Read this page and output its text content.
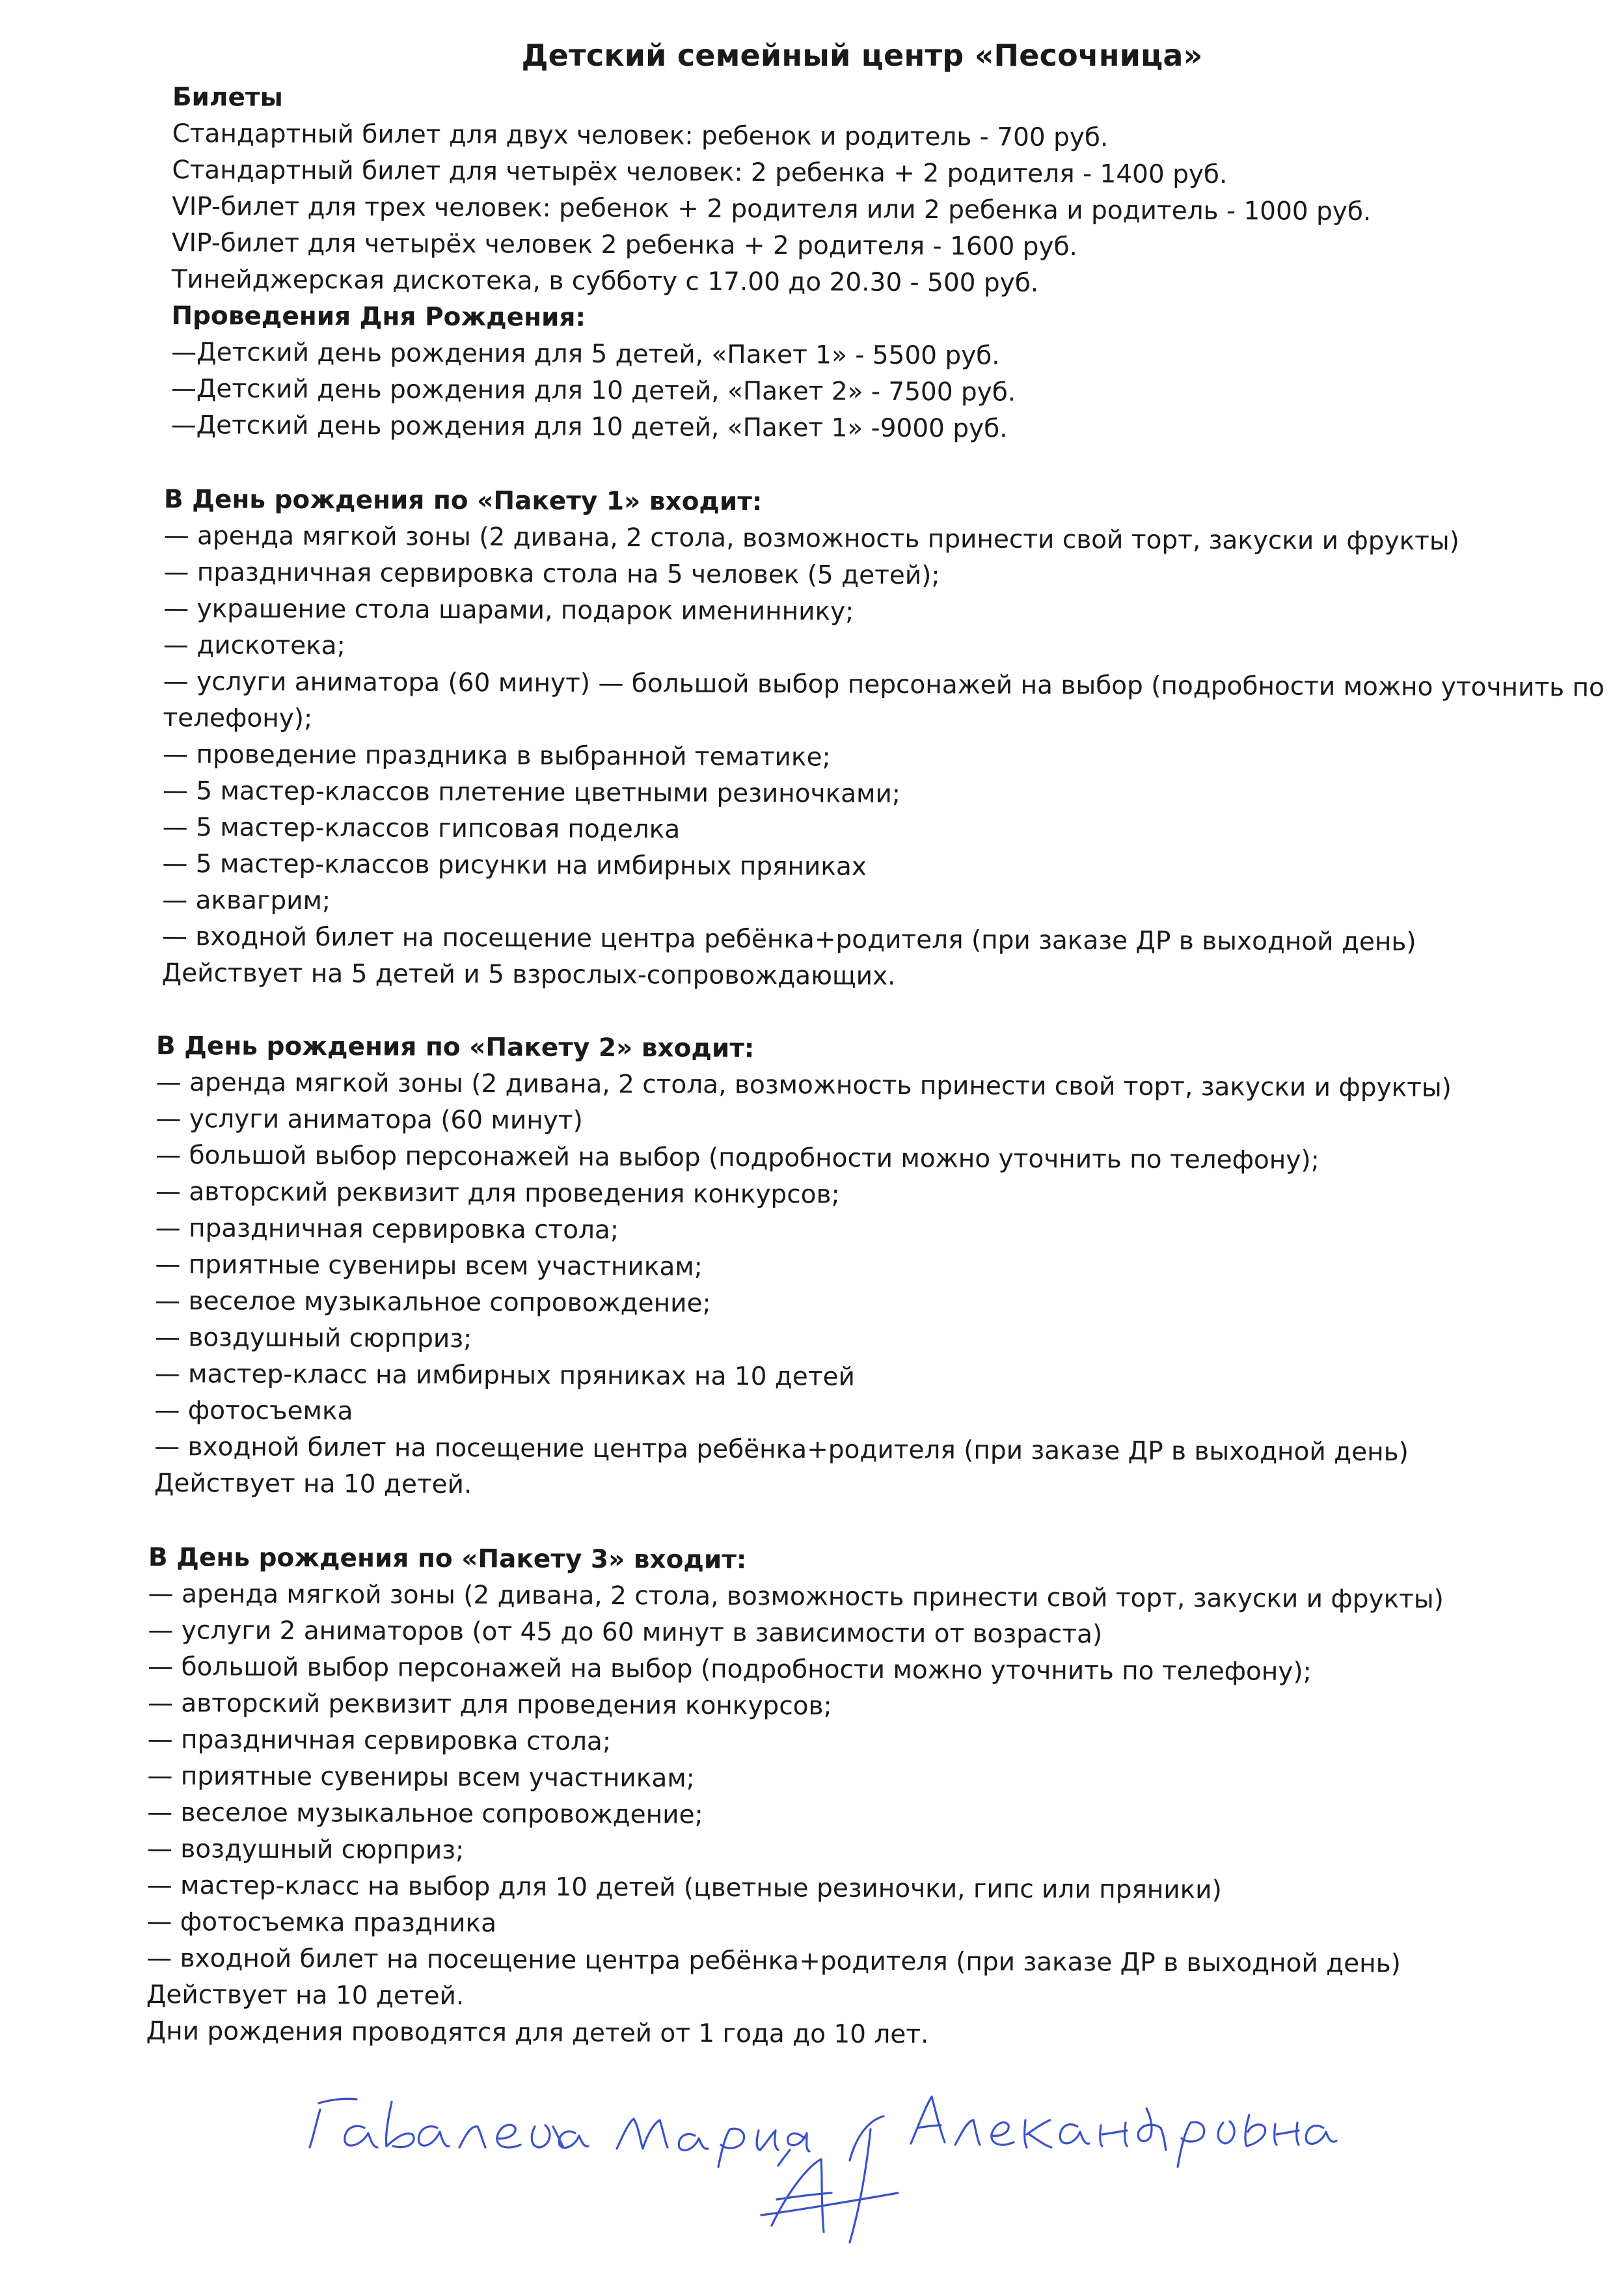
Детский семейный центр «Песочница»
Билеты
Стандартный билет для двух человек: ребенок и родитель - 700 руб.
Стандартный билет для четырёх человек: 2 ребенка + 2 родителя - 1400 руб.
VIP-билет для трех человек: ребенок + 2 родителя или 2 ребенка и родитель - 1000 руб.
VIP-билет для четырёх человек 2 ребенка + 2 родителя - 1600 руб.
Тинейджерская дискотека, в субботу с 17.00 до 20.30 - 500 руб.
Проведения Дня Рождения:
—Детский день рождения для 5 детей, «Пакет 1» - 5500 руб.
—Детский день рождения для 10 детей, «Пакет 2» - 7500 руб.
—Детский день рождения для 10 детей, «Пакет 1» -9000 руб.
В День рождения по «Пакету 1» входит:
— аренда мягкой зоны (2 дивана, 2 стола, возможность принести свой торт, закуски и фрукты)
— праздничная сервировка стола на 5 человек (5 детей);
— украшение стола шарами, подарок имениннику;
— дискотека;
— услуги аниматора (60 минут) — большой выбор персонажей на выбор (подробности можно уточнить по телефону);
— проведение праздника в выбранной тематике;
— 5 мастер-классов плетение цветными резиночками;
— 5 мастер-классов гипсовая поделка
— 5 мастер-классов рисунки на имбирных пряниках
— аквагрим;
— входной билет на посещение центра ребёнка+родителя (при заказе ДР в выходной день)
Действует на 5 детей и 5 взрослых-сопровождающих.
В День рождения по «Пакету 2» входит:
— аренда мягкой зоны (2 дивана, 2 стола, возможность принести свой торт, закуски и фрукты)
— услуги аниматора (60 минут)
— большой выбор персонажей на выбор (подробности можно уточнить по телефону);
— авторский реквизит для проведения конкурсов;
— праздничная сервировка стола;
— приятные сувениры всем участникам;
— веселое музыкальное сопровождение;
— воздушный сюрприз;
— мастер-класс на имбирных пряниках на 10 детей
— фотосъемка
— входной билет на посещение центра ребёнка+родителя (при заказе ДР в выходной день)
Действует на 10 детей.
В День рождения по «Пакету 3» входит:
— аренда мягкой зоны (2 дивана, 2 стола, возможность принести свой торт, закуски и фрукты)
— услуги 2 аниматоров (от 45 до 60 минут в зависимости от возраста)
— большой выбор персонажей на выбор (подробности можно уточнить по телефону);
— авторский реквизит для проведения конкурсов;
— праздничная сервировка стола;
— приятные сувениры всем участникам;
— веселое музыкальное сопровождение;
— воздушный сюрприз;
— мастер-класс на выбор для 10 детей (цветные резиночки, гипс или пряники)
— фотосъемка праздника
— входной билет на посещение центра ребёнка+родителя (при заказе ДР в выходной день)
Действует на 10 детей.
Дни рождения проводятся для детей от 1 года до 10 лет.
